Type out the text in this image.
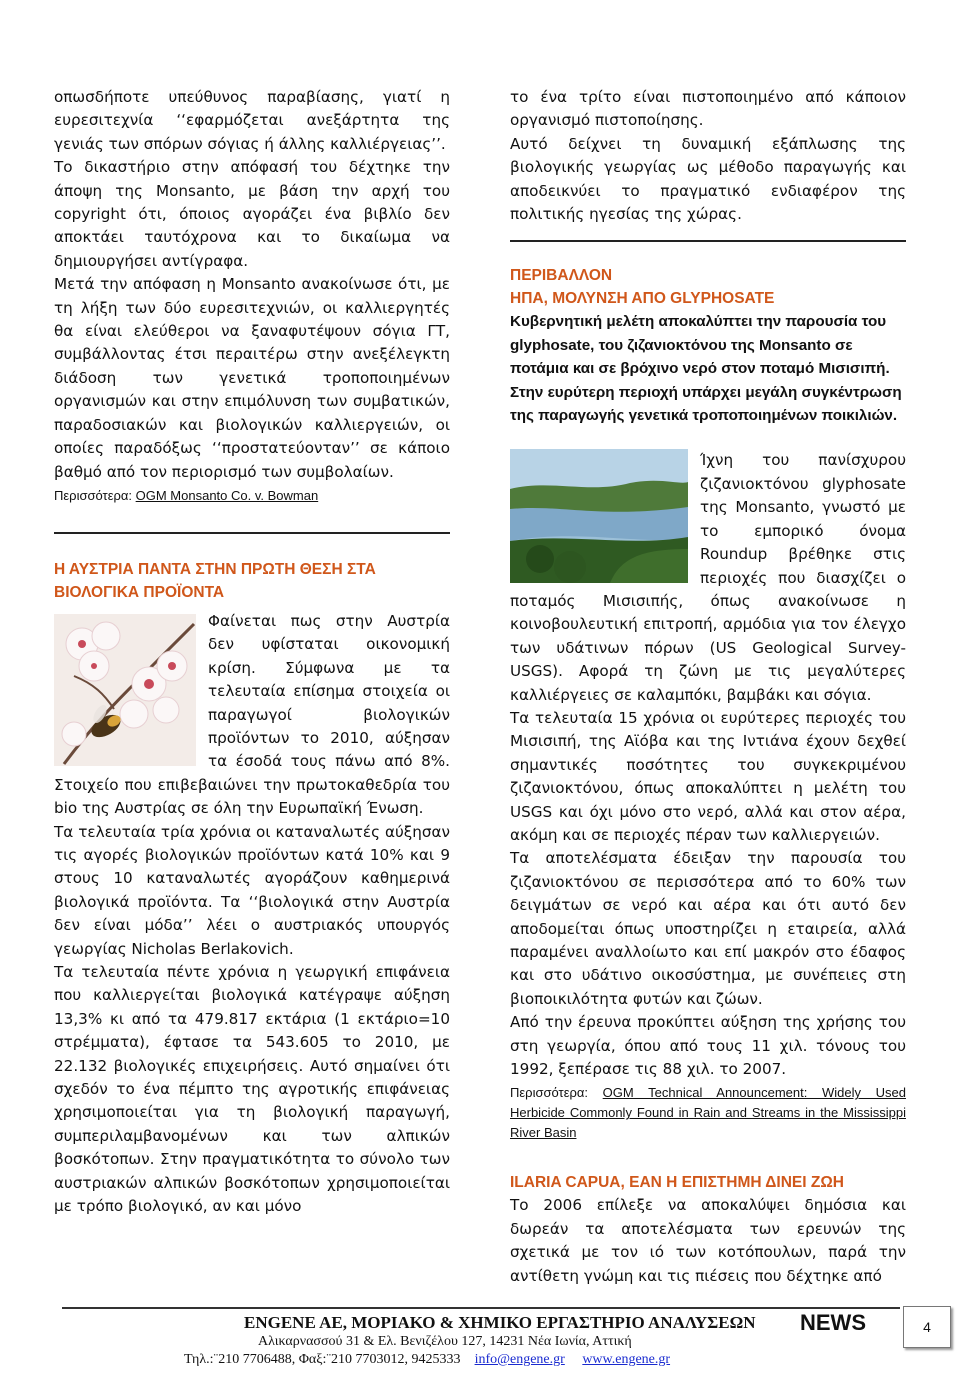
οπωσδήποτε υπεύθυνος παραβίασης, γιατί η ευρεσιτεχνία ‘‘εφαρμόζεται ανεξάρτητα της γενιάς των σπόρων σόγιας ή άλλης καλλιέργειας’’.

Το δικαστήριο στην απόφασή του δέχτηκε την άποψη της Monsanto, με βάση την αρχή του copyright ότι, όποιος αγοράζει ένα βιβλίο δεν αποκτάει ταυτόχρονα και το δικαίωμα να δημιουργήσει αντίγραφα.

Μετά την απόφαση η Monsanto ανακοίνωσε ότι, με τη λήξη των δύο ευρεσιτεχνιών, οι καλλιεργητές θα είναι ελεύθεροι να ξαναφυτέψουν σόγια ΓΤ, συμβάλλοντας έτσι περαιτέρω στην ανεξέλεγκτη διάδοση των γενετικά τροποποιημένων οργανισμών και στην επιμόλυνση των συμβατικών, παραδοσιακών και βιολογικών καλλιεργειών, οι οποίες παραδόξως ‘‘προστατεύονταν’’ σε κάποιο βαθμό από τον περιορισμό των συμβολαίων.

Περισσότερα: OGM Monsanto Co. v. Bowman
Η ΑΥΣΤΡΙΑ ΠΑΝΤΑ ΣΤΗΝ ΠΡΩΤΗ ΘΕΣΗ ΣΤΑ ΒΙΟΛΟΓΙΚΑ ΠΡΟΪΟΝΤΑ

Φαίνεται πως στην Αυστρία δεν υφίσταται οικονομική κρίση. Σύμφωνα με τα τελευταία επίσημα στοιχεία οι παραγωγοί βιολογικών προϊόντων το 2010, αύξησαν τα έσοδά τους πάνω από 8%. Στοιχείο που επιβεβαιώνει την πρωτοκαθεδρία του bio της Αυστρίας σε όλη την Ευρωπαϊκή Ένωση.

Τα τελευταία τρία χρόνια οι καταναλωτές αύξησαν τις αγορές βιολογικών προϊόντων κατά 10% και 9 στους 10 καταναλωτές αγοράζουν καθημερινά βιολογικά προϊόντα. Τα ‘‘βιολογικά στην Αυστρία δεν είναι μόδα’’ λέει ο αυστριακός υπουργός γεωργίας Nicholas Berlakovich.

Τα τελευταία πέντε χρόνια η γεωργική επιφάνεια που καλλιεργείται βιολογικά κατέγραψε αύξηση 13,3% κι από τα 479.817 εκτάρια (1 εκτάριο=10 στρέμματα), έφτασε τα 543.605 το 2010, με 22.132 βιολογικές επιχειρήσεις. Αυτό σημαίνει ότι σχεδόν το ένα πέμπτο της αγροτικής επιφάνειας χρησιμοποιείται για τη βιολογική παραγωγή, συμπεριλαμβανομένων και των αλπικών βοσκότοπων. Στην πραγματικότητα το σύνολο των αυστριακών αλπικών βοσκότοπων χρησιμοποιείται με τρόπο βιολογικό, αν και μόνο

το ένα τρίτο είναι πιστοποιημένο από κάποιον οργανισμό πιστοποίησης.

Αυτό δείχνει τη δυναμική εξάπλωσης της βιολογικής γεωργίας ως μέθοδο παραγωγής και αποδεικνύει το πραγματικό ενδιαφέρον της πολιτικής ηγεσίας της χώρας.

ΠΕΡΙΒΑΛΛΟΝ
ΗΠΑ, ΜΟΛΥΝΣΗ ΑΠΟ GLYPHOSATE
Κυβερνητική μελέτη αποκαλύπτει την παρουσία του glyphosate, του ζιζανιοκτόνου της Monsanto σε ποτάμια και σε βρόχινο νερό στον ποταμό Μισισιπή. Στην ευρύτερη περιοχή υπάρχει μεγάλη συγκέντρωση της παραγωγής γενετικά τροποποιημένων ποικιλιών.

Ίχνη του πανίσχυρου ζιζανιοκτόνου glyphosate της Monsanto, γνωστό με το εμπορικό όνομα Roundup βρέθηκε στις περιοχές που διασχίζει ο ποταμός Μισισιπής, όπως ανακοίνωσε η κοινοβουλευτική επιτροπή, αρμόδια για τον έλεγχο των υδάτινων πόρων (US Geological Survey- USGS). Αφορά τη ζώνη με τις μεγαλύτερες καλλιέργειες σε καλαμπόκι, βαμβάκι και σόγια.

Τα τελευταία 15 χρόνια οι ευρύτερες περιοχές του Μισισιπή, της Αϊόβα και της Ιντιάνα έχουν δεχθεί σημαντικές ποσότητες του συγκεκριμένου ζιζανιοκτόνου, όπως αποκαλύπτει η μελέτη του USGS και όχι μόνο στο νερό, αλλά και στον αέρα, ακόμη και σε περιοχές πέραν των καλλιεργειών.

Τα αποτελέσματα έδειξαν την παρουσία του ζιζανιοκτόνου σε περισσότερα από το 60% των δειγμάτων σε νερό και αέρα και ότι αυτό δεν αποδομείται όπως υποστηρίζει η εταιρεία, αλλά παραμένει αναλλοίωτο και επί μακρόν στο έδαφος και στο υδάτινο οικοσύστημα, με συνέπειες στη βιοποικιλότητα φυτών και ζώων.

Από την έρευνα προκύπτει αύξηση της χρήσης του στη γεωργία, όπου από τους 11 χιλ. τόνους του 1992, ξεπέρασε τις 88 χιλ. το 2007.

Περισσότερα: OGM Technical Announcement: Widely Used Herbicide Commonly Found in Rain and Streams in the Mississippi River Basin
ILARIA CAPUA, ΕΑΝ Η ΕΠΙΣΤΗΜΗ ΔΙΝΕΙ ΖΩΗ

Το 2006 επίλεξε να αποκαλύψει δημόσια και δωρεάν τα αποτελέσματα των ερευνών της σχετικά με τον ιό των κοτόπουλων, παρά την αντίθετη γνώμη και τις πιέσεις που δέχτηκε από

ENGENE AE, ΜΟΡΙΑΚΟ & ΧΗΜΙΚΟ ΕΡΓΑΣΤΗΡΙΟ ΑΝΑΛΥΣΕΩΝ NEWS
Αλικαρνασσού 31 & Ελ. Βενιζέλου 127, 14231 Νέα Ιωνία, Αττική
Τηλ.:¨210 7706488, Φαξ:¨210 7703012, 9425333 info@engene.gr www.engene.gr
4
